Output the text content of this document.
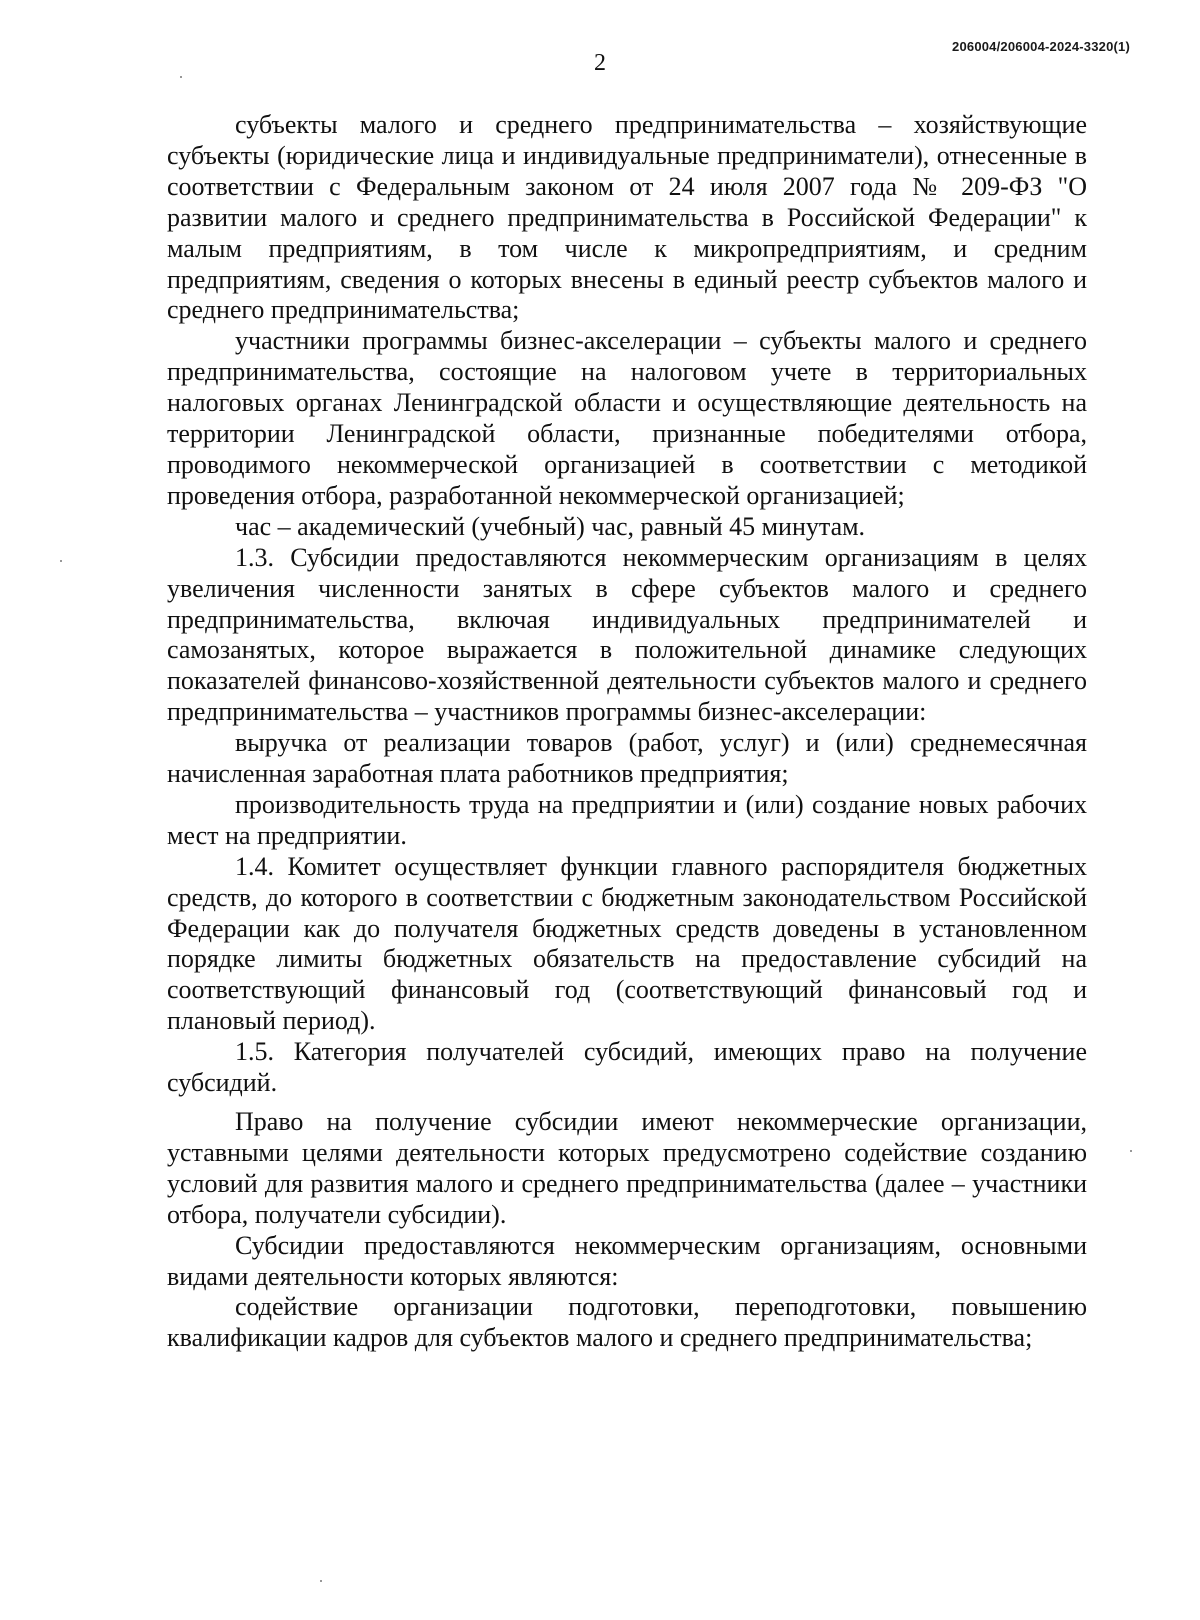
206004/206004-2024-3320(1)
2

субъекты малого и среднего предпринимательства – хозяйствующие субъекты (юридические лица и индивидуальные предприниматели), отнесенные в соответствии с Федеральным законом от 24 июля 2007 года № 209-ФЗ "О развитии малого и среднего предпринимательства в Российской Федерации" к малым предприятиям, в том числе к микропредприятиям, и средним предприятиям, сведения о которых внесены в единый реестр субъектов малого и среднего предпринимательства;

участники программы бизнес-акселерации – субъекты малого и среднего предпринимательства, состоящие на налоговом учете в территориальных налоговых органах Ленинградской области и осуществляющие деятельность на территории Ленинградской области, признанные победителями отбора, проводимого некоммерческой организацией в соответствии с методикой проведения отбора, разработанной некоммерческой организацией;

час – академический (учебный) час, равный 45 минутам.

1.3. Субсидии предоставляются некоммерческим организациям в целях увеличения численности занятых в сфере субъектов малого и среднего предпринимательства, включая индивидуальных предпринимателей и самозанятых, которое выражается в положительной динамике следующих показателей финансово-хозяйственной деятельности субъектов малого и среднего предпринимательства – участников программы бизнес-акселерации:

выручка от реализации товаров (работ, услуг) и (или) среднемесячная начисленная заработная плата работников предприятия;

производительность труда на предприятии и (или) создание новых рабочих мест на предприятии.

1.4. Комитет осуществляет функции главного распорядителя бюджетных средств, до которого в соответствии с бюджетным законодательством Российской Федерации как до получателя бюджетных средств доведены в установленном порядке лимиты бюджетных обязательств на предоставление субсидий на соответствующий финансовый год (соответствующий финансовый год и плановый период).

1.5. Категория получателей субсидий, имеющих право на получение субсидий.

Право на получение субсидии имеют некоммерческие организации, уставными целями деятельности которых предусмотрено содействие созданию условий для развития малого и среднего предпринимательства (далее – участники отбора, получатели субсидии).

Субсидии предоставляются некоммерческим организациям, основными видами деятельности которых являются:

содействие организации подготовки, переподготовки, повышению квалификации кадров для субъектов малого и среднего предпринимательства;
